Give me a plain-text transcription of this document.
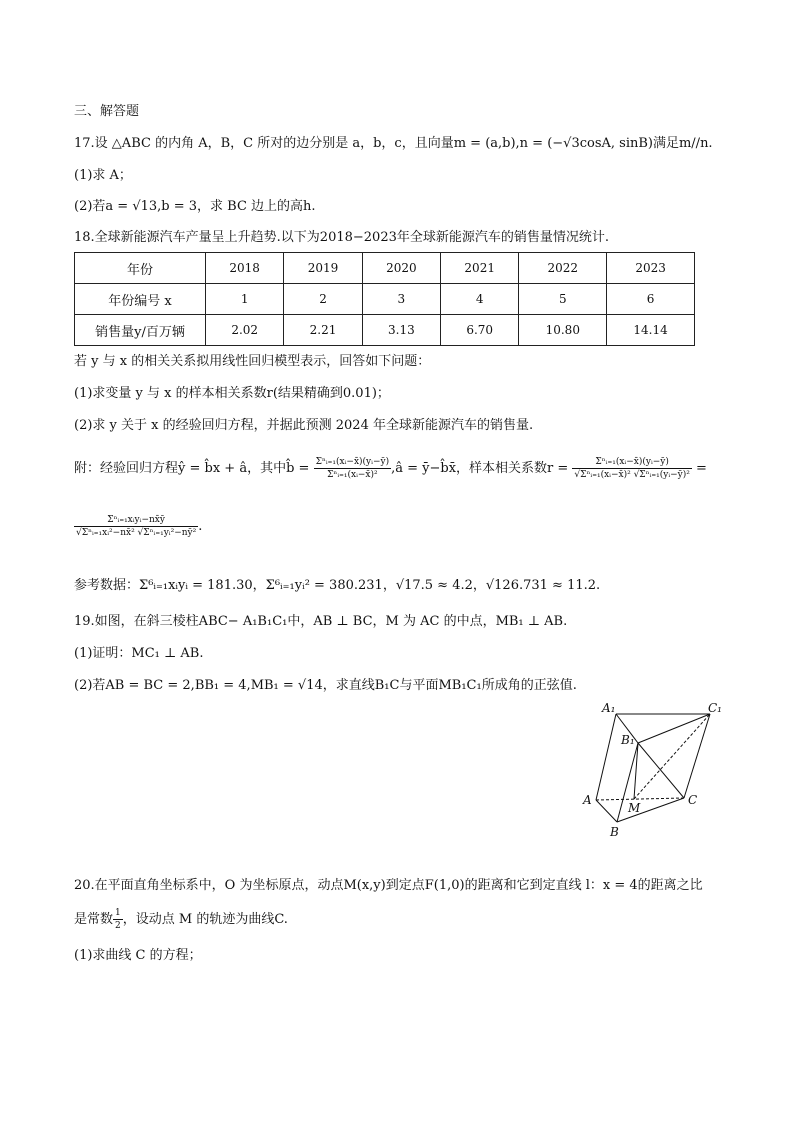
三、解答题
17.设 △ABC 的内角 A，B，C 所对的边分别是 a，b，c，且向量m = (a,b),n = (−√3cosA, sinB)满足m//n.
(1)求 A；
(2)若a = √13,b = 3，求 BC 边上的高h.
18.全球新能源汽车产量呈上升趋势.以下为2018−2023年全球新能源汽车的销售量情况统计.
年份	2018	2019	2020	2021	2022	2023
年份编号 x	1	2	3	4	5	6
销售量y/百万辆	2.02	2.21	3.13	6.70	10.80	14.14
若 y 与 x 的相关关系拟用线性回归模型表示，回答如下问题：
(1)求变量 y 与 x 的样本相关系数r(结果精确到0.01)；
(2)求 y 关于 x 的经验回归方程，并据此预测 2024 年全球新能源汽车的销售量.
附：经验回归方程ŷ = b̂x + â，其中b̂ = $\frac{\text{Σⁿᵢ₌₁(xᵢ−x̄)(yᵢ−ȳ)}}{\text{Σⁿᵢ₌₁(xᵢ−x̄)²}}$ ,â = ȳ−b̂x̄，样本相关系数$r = \frac{\text{Σⁿᵢ₌₁(xᵢ−x̄)(yᵢ−ȳ)}}{\text{√Σⁿᵢ₌₁(xᵢ−x̄)² √Σⁿᵢ₌₁(yᵢ−ȳ)²}}$ =
$\frac{\text{Σⁿᵢ₌₁xᵢyᵢ−nx̄ȳ}}{\text{√Σⁿᵢ₌₁xᵢ²−nx̄² √Σⁿᵢ₌₁yᵢ²−nȳ²}}$ .
参考数据：Σ⁶ᵢ₌₁xᵢyᵢ = 181.30，Σ⁶ᵢ₌₁yᵢ² = 380.231，√17.5 ≈ 4.2，√126.731 ≈ 11.2.
19.如图，在斜三棱柱ABC− A₁B₁C₁中，AB ⊥ BC，M 为 AC 的中点，MB₁ ⊥ AB.
(1)证明：MC₁ ⊥ AB.
(2)若AB = BC = 2,BB₁ = 4,MB₁ = √14，求直线B₁C与平面MB₁C₁所成角的正弦值.
A₁	C₁
B₁
A
M
C
B
20.在平面直角坐标系中，O 为坐标原点，动点M(x,y)到定点F(1,0)的距离和它到定直线 l：x = 4的距离之比
是常数 $\frac{1}{2}$ ，设动点 M 的轨迹为曲线C.
(1)求曲线 C 的方程；
